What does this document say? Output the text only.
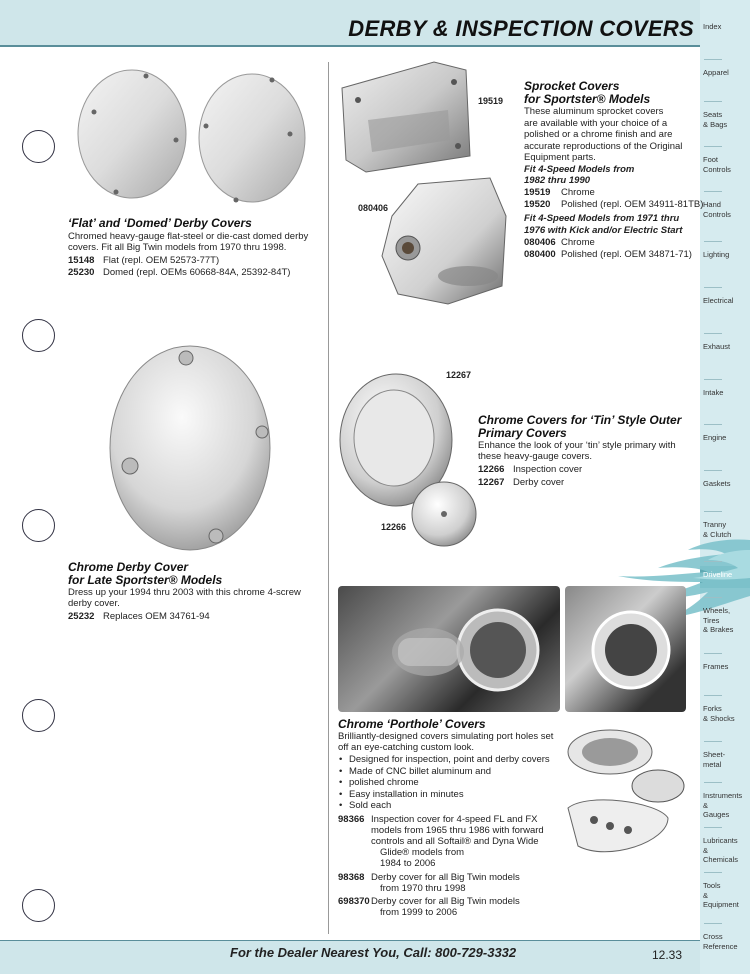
DERBY & INSPECTION COVERS
For the Dealer Nearest You, Call: 800-729-3332	12.33
Index
Apparel
Seats
& Bags
Foot
Controls
Hand
Controls
Lighting
Electrical
Exhaust
Intake
Engine
Gaskets
Tranny
& Clutch
Driveline
Wheels,
Tires
& Brakes
Frames
Forks
& Shocks
Sheet-
metal
Instruments
&
Gauges
Lubricants
&
Chemicals
Tools
&
Equipment
Cross
Reference
‘Flat’ and ‘Domed’ Derby Covers
Chromed heavy-gauge flat-steel or die-cast domed derby
covers. Fit all Big Twin models from 1970 thru 1998.
15148 Flat (repl. OEM 52573-77T)
25230 Domed (repl. OEMs 60668-84A, 25392-84T)
Chrome Derby Cover
for Late Sportster® Models
Dress up your 1994 thru 2003 with this chrome 4-screw
derby cover.
25232 Replaces OEM 34761-94
19519
080406
Sprocket Covers
for Sportster® Models
These aluminum sprocket covers
are available with your choice of a
polished or a chrome finish and are
accurate reproductions of the Original
Equipment parts.
Fit 4-Speed Models from
1982 thru 1990
19519 Chrome
19520 Polished (repl. OEM 34911-81TB)
Fit 4-Speed Models from 1971 thru
1976 with Kick and/or Electric Start
080406 Chrome
080400 Polished (repl. OEM 34871-71)
12267
12266
Chrome Covers for ‘Tin’ Style Outer
Primary Covers
Enhance the look of your ‘tin’ style primary with
these heavy-gauge covers.
12266 Inspection cover
12267 Derby cover
Chrome ‘Porthole’ Covers
Brilliantly-designed covers simulating port holes set
off an eye-catching custom look.
• Designed for inspection, point and derby covers
• Made of CNC billet aluminum and
• polished chrome
• Easy installation in minutes
• Sold each
98366 Inspection cover for 4-speed FL and FX
models from 1965 thru 1986 with forward
controls and all Softail® and Dyna Wide
Glide® models from
1984 to 2006
98368 Derby cover for all Big Twin models
from 1970 thru 1998
698370 Derby cover for all Big Twin models
from 1999 to 2006
